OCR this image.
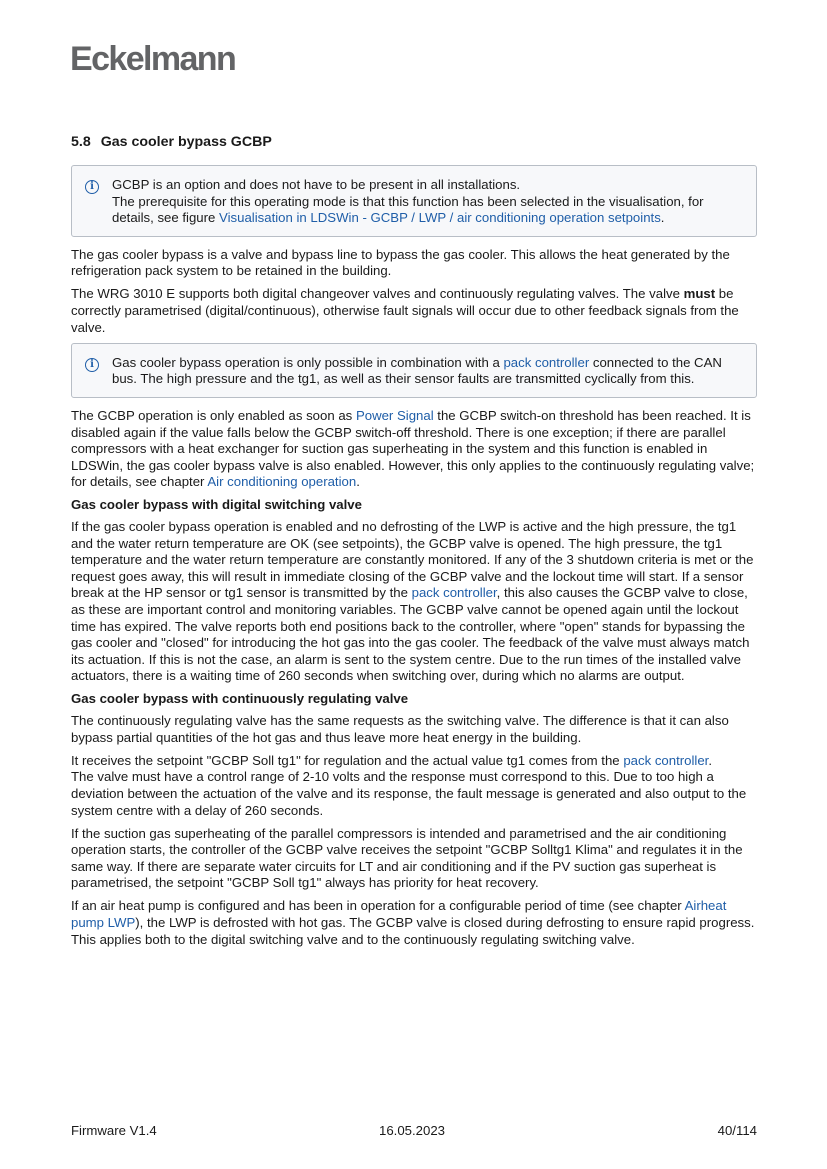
Eckelmann
5.8 Gas cooler bypass GCBP
i	GCBP is an option and does not have to be present in all installations.
The prerequisite for this operating mode is that this function has been selected in the visualisation, for details, see figure Visualisation in LDSWin - GCBP / LWP / air conditioning operation setpoints.

The gas cooler bypass is a valve and bypass line to bypass the gas cooler. This allows the heat generated by the refrigeration pack system to be retained in the building.

The WRG 3010 E supports both digital changeover valves and continuously regulating valves. The valve must be correctly parametrised (digital/continuous), otherwise fault signals will occur due to other feedback signals from the valve.

i	Gas cooler bypass operation is only possible in combination with a pack controller connected to the CAN bus. The high pressure and the tg1, as well as their sensor faults are transmitted cyclically from this.

The GCBP operation is only enabled as soon as Power Signal the GCBP switch-on threshold has been reached. It is disabled again if the value falls below the GCBP switch-off threshold. There is one exception; if there are parallel compressors with a heat exchanger for suction gas superheating in the system and this function is enabled in LDSWin, the gas cooler bypass valve is also enabled. However, this only applies to the continuously regulating valve; for details, see chapter Air conditioning operation.

Gas cooler bypass with digital switching valve

If the gas cooler bypass operation is enabled and no defrosting of the LWP is active and the high pressure, the tg1 and the water return temperature are OK (see setpoints), the GCBP valve is opened. The high pressure, the tg1 temperature and the water return temperature are constantly monitored. If any of the 3 shutdown criteria is met or the request goes away, this will result in immediate closing of the GCBP valve and the lockout time will start. If a sensor break at the HP sensor or tg1 sensor is transmitted by the pack controller, this also causes the GCBP valve to close, as these are important control and monitoring variables. The GCBP valve cannot be opened again until the lockout time has expired. The valve reports both end positions back to the controller, where "open" stands for bypassing the gas cooler and "closed" for introducing the hot gas into the gas cooler. The feedback of the valve must always match its actuation. If this is not the case, an alarm is sent to the system centre. Due to the run times of the installed valve actuators, there is a waiting time of 260 seconds when switching over, during which no alarms are output.

Gas cooler bypass with continuously regulating valve

The continuously regulating valve has the same requests as the switching valve. The difference is that it can also bypass partial quantities of the hot gas and thus leave more heat energy in the building.

It receives the setpoint "GCBP Soll tg1" for regulation and the actual value tg1 comes from the pack controller.
The valve must have a control range of 2-10 volts and the response must correspond to this. Due to too high a deviation between the actuation of the valve and its response, the fault message is generated and also output to the system centre with a delay of 260 seconds.

If the suction gas superheating of the parallel compressors is intended and parametrised and the air conditioning operation starts, the controller of the GCBP valve receives the setpoint "GCBP Solltg1 Klima" and regulates it in the same way. If there are separate water circuits for LT and air conditioning and if the PV suction gas superheat is parametrised, the setpoint "GCBP Soll tg1" always has priority for heat recovery.

If an air heat pump is configured and has been in operation for a configurable period of time (see chapter Airheat pump LWP), the LWP is defrosted with hot gas. The GCBP valve is closed during defrosting to ensure rapid progress. This applies both to the digital switching valve and to the continuously regulating switching valve.

Firmware V1.4	16.05.2023	40/114
